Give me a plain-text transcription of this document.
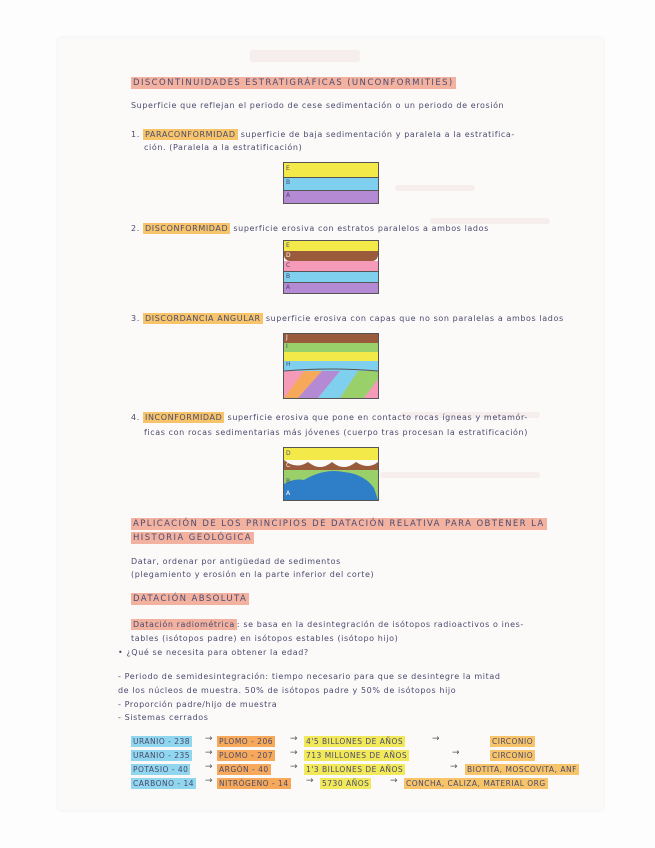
DISCONTINUIDADES ESTRATIGRÁFICAS (UNCONFORMITIES)
Superficie que reflejan el periodo de cese sedimentación o un periodo de erosión
1. PARACONFORMIDAD superficie de baja sedimentación y paralela a la estratifica-
ción. (Paralela a la estratificación)
E
B
A
2. DISCONFORMIDAD superficie erosiva con estratos paralelos a ambos lados
E
D
C
B
A
3. DISCORDANCIA ANGULAR superficie erosiva con capas que no son paralelas a ambos lados
J
I
H
4. INCONFORMIDAD superficie erosiva que pone en contacto rocas ígneas y metamór-
ficas con rocas sedimentarias más jóvenes (cuerpo tras procesan la estratificación)
D
C
B
A
APLICACIÓN DE LOS PRINCIPIOS DE DATACIÓN RELATIVA PARA OBTENER LA
HISTORIA GEOLÓGICA
Datar, ordenar por antigüedad de sedimentos
(plegamiento y erosión en la parte inferior del corte)
DATACIÓN ABSOLUTA
Datación radiométrica : se basa en la desintegración de isótopos radioactivos o ines-
tables (isótopos padre) en isótopos estables (isótopo hijo)
• ¿Qué se necesita para obtener la edad?
- Periodo de semidesintegración: tiempo necesario para que se desintegre la mitad
de los núcleos de muestra. 50% de isótopos padre y 50% de isótopos hijo
- Proporción padre/hijo de muestra
- Sistemas cerrados
URANIO - 238 → PLOMO - 206 → 4'5 BILLONES DE AÑOS	→	CIRCONIO
URANIO - 235 → PLOMO - 207 → 713 MILLONES DE AÑOS	→	CIRCONIO
POTASIO - 40 → ARGÓN - 40 → 1'3 BILLONES DE AÑOS	→ BIOTITA, MOSCOVITA, ANF
CARBONO - 14 → NITRÓGENO - 14 → 5730 AÑOS → CONCHA, CALIZA, MATERIAL ORG
